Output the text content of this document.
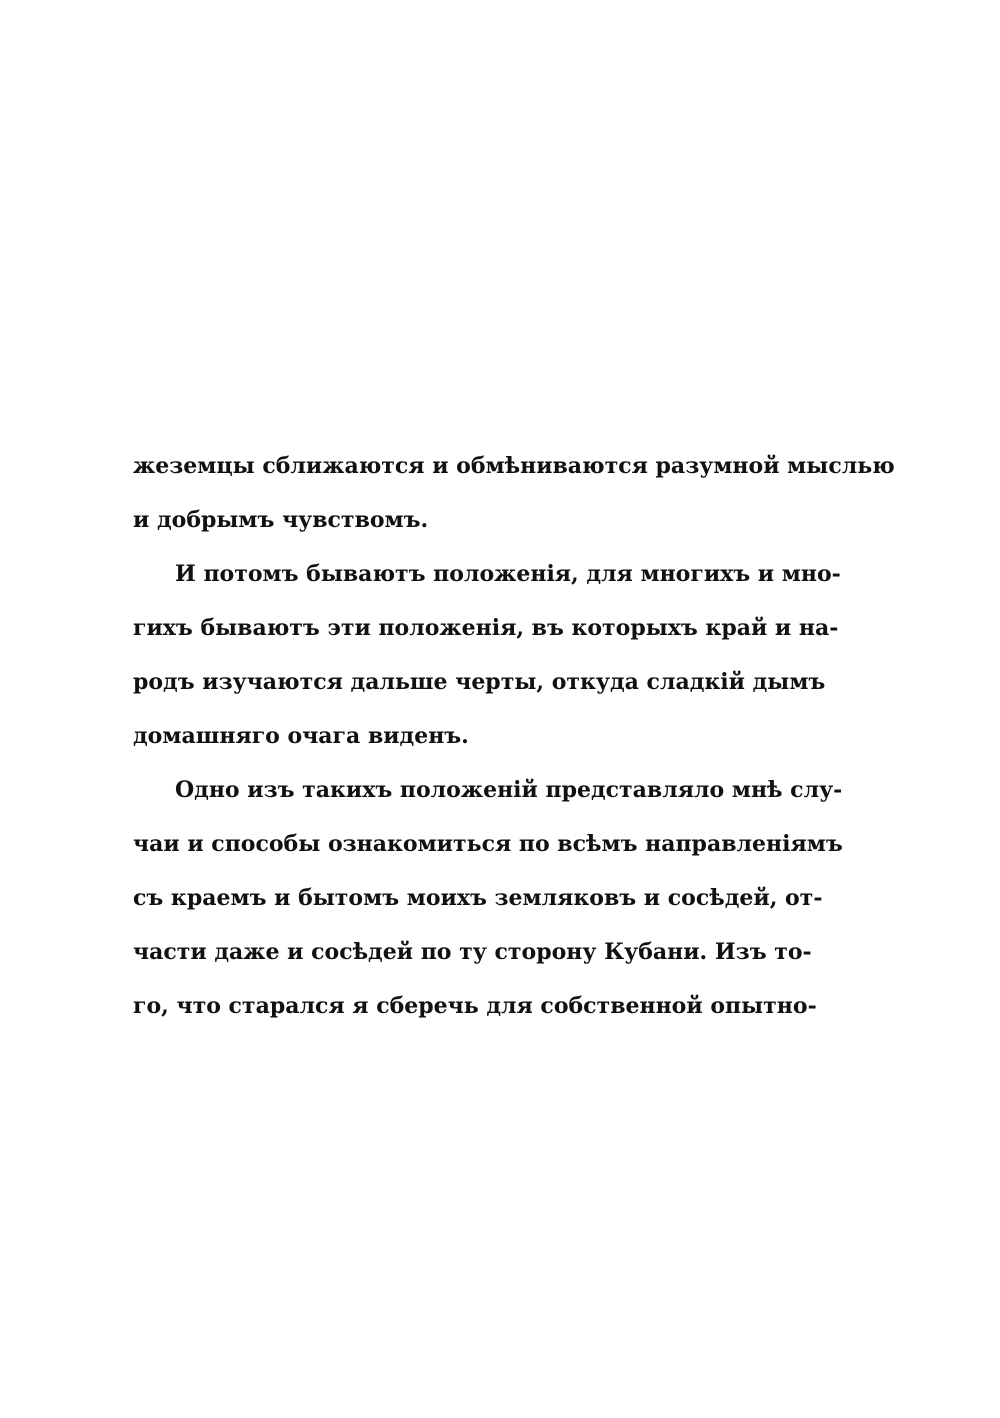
жеземцы сближаются и обмѣниваются разумной мыслью
и добрымъ чувствомъ.
И потомъ бываютъ положенія, для многихъ и мно-
гихъ бываютъ эти положенія, въ которыхъ край и на-
родъ изучаются дальше черты, откуда сладкій дымъ
домашняго очага виденъ.
Одно изъ такихъ положеній представляло мнѣ слу-
чаи и способы ознакомиться по всѣмъ направленіямъ
съ краемъ и бытомъ моихъ земляковъ и сосѣдей, от-
части даже и сосѣдей по ту сторону Кубани. Изъ то-
го, что старался я сберечь для собственной опытно-
